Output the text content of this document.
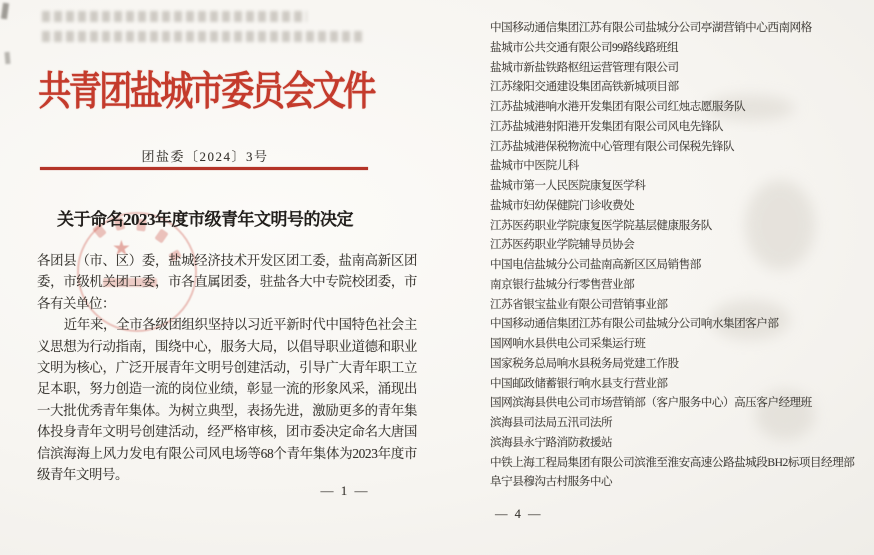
共青团盐城市委员会文件
团盐委〔2024〕3号
★
关于命名2023年度市级青年文明号的决定

各团县（市、区）委，盐城经济技术开发区团工委，盐南高新区团委，市级机关团工委，市各直属团委，驻盐各大中专院校团委，市各有关单位：

近年来，全市各级团组织坚持以习近平新时代中国特色社会主义思想为行动指南，围绕中心，服务大局，以倡导职业道德和职业文明为核心，广泛开展青年文明号创建活动，引导广大青年职工立足本职，努力创造一流的岗位业绩，彰显一流的形象风采，涌现出一大批优秀青年集体。为树立典型，表扬先进，激励更多的青年集体投身青年文明号创建活动，经严格审核，团市委决定命名大唐国信滨海海上风力发电有限公司风电场等68个青年集体为2023年度市级青年文明号。

— 1 —
中国移动通信集团江苏有限公司盐城分公司亭湖营销中心西南网格
盐城市公共交通有限公司99路线路班组
盐城市新盐铁路枢纽运营管理有限公司
江苏缘阳交通建设集团高铁新城项目部
江苏盐城港响水港开发集团有限公司红烛志愿服务队
江苏盐城港射阳港开发集团有限公司风电先锋队
江苏盐城港保税物流中心管理有限公司保税先锋队
盐城市中医院儿科
盐城市第一人民医院康复医学科
盐城市妇幼保健院门诊收费处
江苏医药职业学院康复医学院基层健康服务队
江苏医药职业学院辅导员协会
中国电信盐城分公司盐南高新区区局销售部
南京银行盐城分行零售营业部
江苏省银宝盐业有限公司营销事业部
中国移动通信集团江苏有限公司盐城分公司响水集团客户部
国网响水县供电公司采集运行班
国家税务总局响水县税务局党建工作股
中国邮政储蓄银行响水县支行营业部
国网滨海县供电公司市场营销部（客户服务中心）高压客户经理班
滨海县司法局五汛司法所
滨海县永宁路消防救援站
中铁上海工程局集团有限公司滨淮至淮安高速公路盐城段BH2标项目经理部
阜宁县穆沟古村服务中心
— 4 —
